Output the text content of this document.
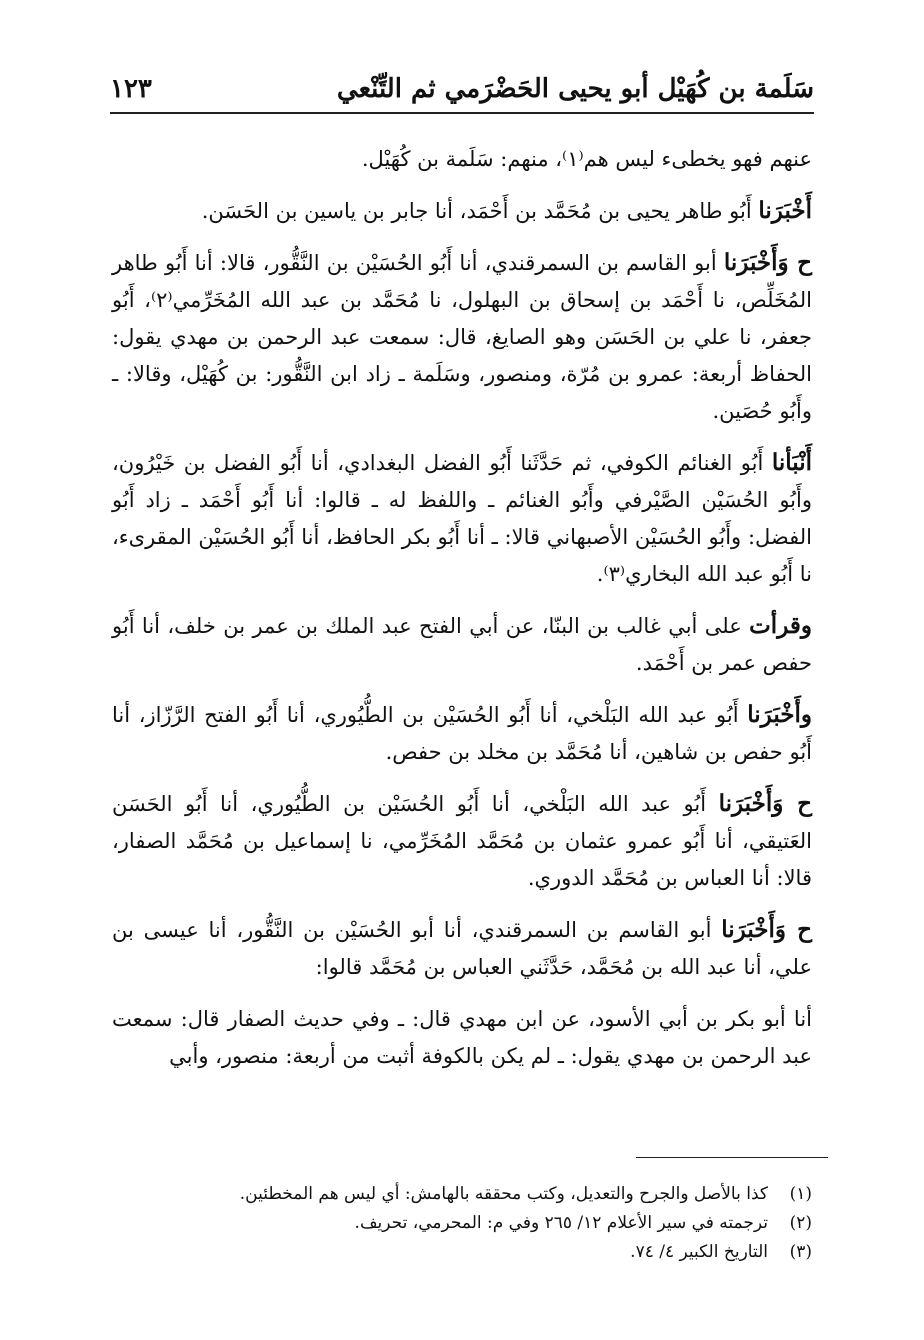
سَلَمة بن كُهَيْل أبو يحيى الحَضْرَمي ثم التِّنْعي
١٢٣

عنهم فهو يخطىء ليس هم⁽١⁾، منهم: سَلَمة بن كُهَيْل.

أَخْبَرَنا أَبُو طاهر يحيى بن مُحَمَّد بن أَحْمَد، أنا جابر بن ياسين بن الحَسَن.

ح وَأَخْبَرَنا أبو القاسم بن السمرقندي، أنا أَبُو الحُسَيْن بن النَّقُّور، قالا: أنا أَبُو طاهر المُخَلِّص، نا أَحْمَد بن إسحاق بن البهلول، نا مُحَمَّد بن عبد الله المُخَرِّمي⁽٢⁾، أَبُو جعفر، نا علي بن الحَسَن وهو الصايغ، قال: سمعت عبد الرحمن بن مهدي يقول: الحفاظ أربعة: عمرو بن مُرّة، ومنصور، وسَلَمة ـ زاد ابن النَّقُّور: بن كُهَيْل، وقالا: ـ وأَبُو حُصَين.

أَنْبَأنا أَبُو الغنائم الكوفي، ثم حَدَّثَنا أَبُو الفضل البغدادي، أنا أَبُو الفضل بن خَيْرُون، وأَبُو الحُسَيْن الصَّيْرفي وأَبُو الغنائم ـ واللفظ له ـ قالوا: أنا أَبُو أَحْمَد ـ زاد أَبُو الفضل: وأَبُو الحُسَيْن الأصبهاني قالا: ـ أنا أَبُو بكر الحافظ، أنا أَبُو الحُسَيْن المقرىء، نا أَبُو عبد الله البخاري⁽٣⁾.

وقرأت على أبي غالب بن البنّا، عن أبي الفتح عبد الملك بن عمر بن خلف، أنا أَبُو حفص عمر بن أَحْمَد.

وأَخْبَرَنا أَبُو عبد الله البَلْخي، أنا أَبُو الحُسَيْن بن الطُّيُوري، أنا أَبُو الفتح الرَّزّاز، أنا أَبُو حفص بن شاهين، أنا مُحَمَّد بن مخلد بن حفص.

ح وَأَخْبَرَنا أَبُو عبد الله البَلْخي، أنا أَبُو الحُسَيْن بن الطُّيُوري، أنا أَبُو الحَسَن العَتيقي، أنا أَبُو عمرو عثمان بن مُحَمَّد المُخَرِّمي، نا إسماعيل بن مُحَمَّد الصفار، قالا: أنا العباس بن مُحَمَّد الدوري.

ح وَأَخْبَرَنا أبو القاسم بن السمرقندي، أنا أبو الحُسَيْن بن النَّقُّور، أنا عيسى بن علي، أنا عبد الله بن مُحَمَّد، حَدَّثَني العباس بن مُحَمَّد قالوا:

أنا أبو بكر بن أبي الأسود، عن ابن مهدي قال: ـ وفي حديث الصفار قال: سمعت عبد الرحمن بن مهدي يقول: ـ لم يكن بالكوفة أثبت من أربعة: منصور، وأبي

(١)
كذا بالأصل والجرح والتعديل، وكتب محققه بالهامش: أي ليس هم المخطئين.
(٢)
ترجمته في سير الأعلام ١٢/ ٢٦٥ وفي م: المحرمي، تحريف.
(٣)
التاريخ الكبير ٤/ ٧٤.
